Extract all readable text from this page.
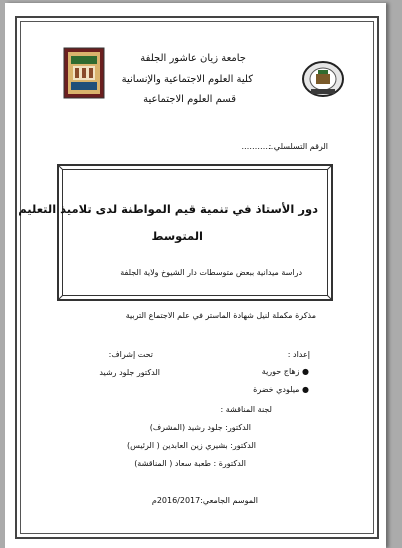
جامعة زيان عاشور الجلفة
كلية العلوم الاجتماعية والإنسانية
قسم العلوم الاجتماعية
الرقم التسلسلي :
………….
دور الأستاذ في تنمية قيم المواطنة لدى تلاميذ التعليم
المتوسط
دراسة ميدانية ببعض متوسطات دار الشيوخ ولاية الجلفة
مذكرة مكملة لنيل شهادة الماستر في علم الاجتماع التربية
إعداد :
● زهاج حورية
● ميلودي خضرة
تحت إشراف:
الدكتور جلود رشيد
لجنة المناقشة :
الدكتور: جلود رشيد (المشرف)
الدكتور: بشيري زين العابدين ( الرئيس)
الدكتورة : طعبة سعاد ( المناقشة)
الموسم الجامعي:2016/2017م
